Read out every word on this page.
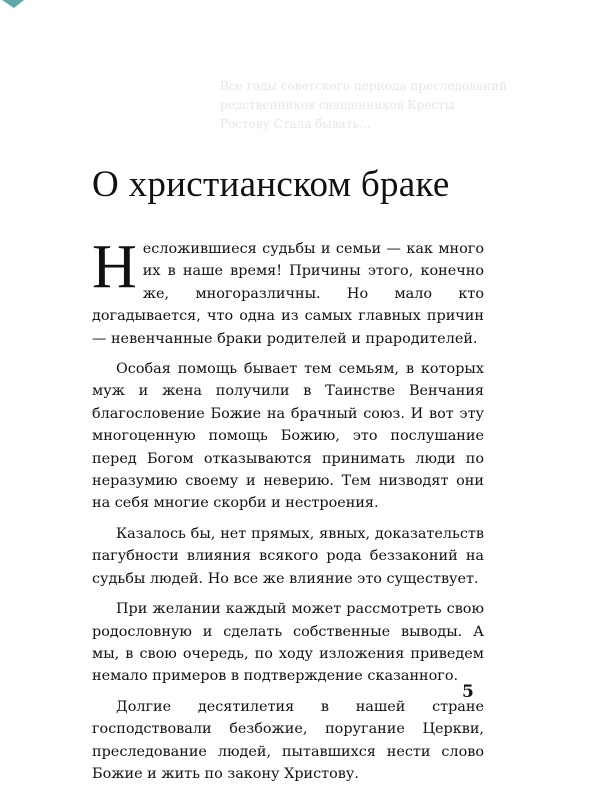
Все годы советского периода преследований
родственников священников Кресты
Ростову Стала бывать...

О христианском браке

Несложившиеся судьбы и семьи — как много их в наше время! Причины этого, конечно же, многоразличны. Но мало кто догадывается, что одна из самых главных причин — невенчанные браки родителей и прародителей.

Особая помощь бывает тем семьям, в которых муж и жена получили в Таинстве Венчания благословение Божие на брачный союз. И вот эту многоценную помощь Божию, это послушание перед Богом отказываются принимать люди по неразумию своему и неверию. Тем низводят они на себя многие скорби и нестроения.

Казалось бы, нет прямых, явных, доказательств пагубности влияния всякого рода беззаконий на судьбы людей. Но все же влияние это существует.

При желании каждый может рассмотреть свою родословную и сделать собственные выводы. А мы, в свою очередь, по ходу изложения приведем немало примеров в подтверждение сказанного.

Долгие десятилетия в нашей стране господствовали безбожие, поругание Церкви, преследование людей, пытавшихся нести слово Божие и жить по закону Христову.

5
